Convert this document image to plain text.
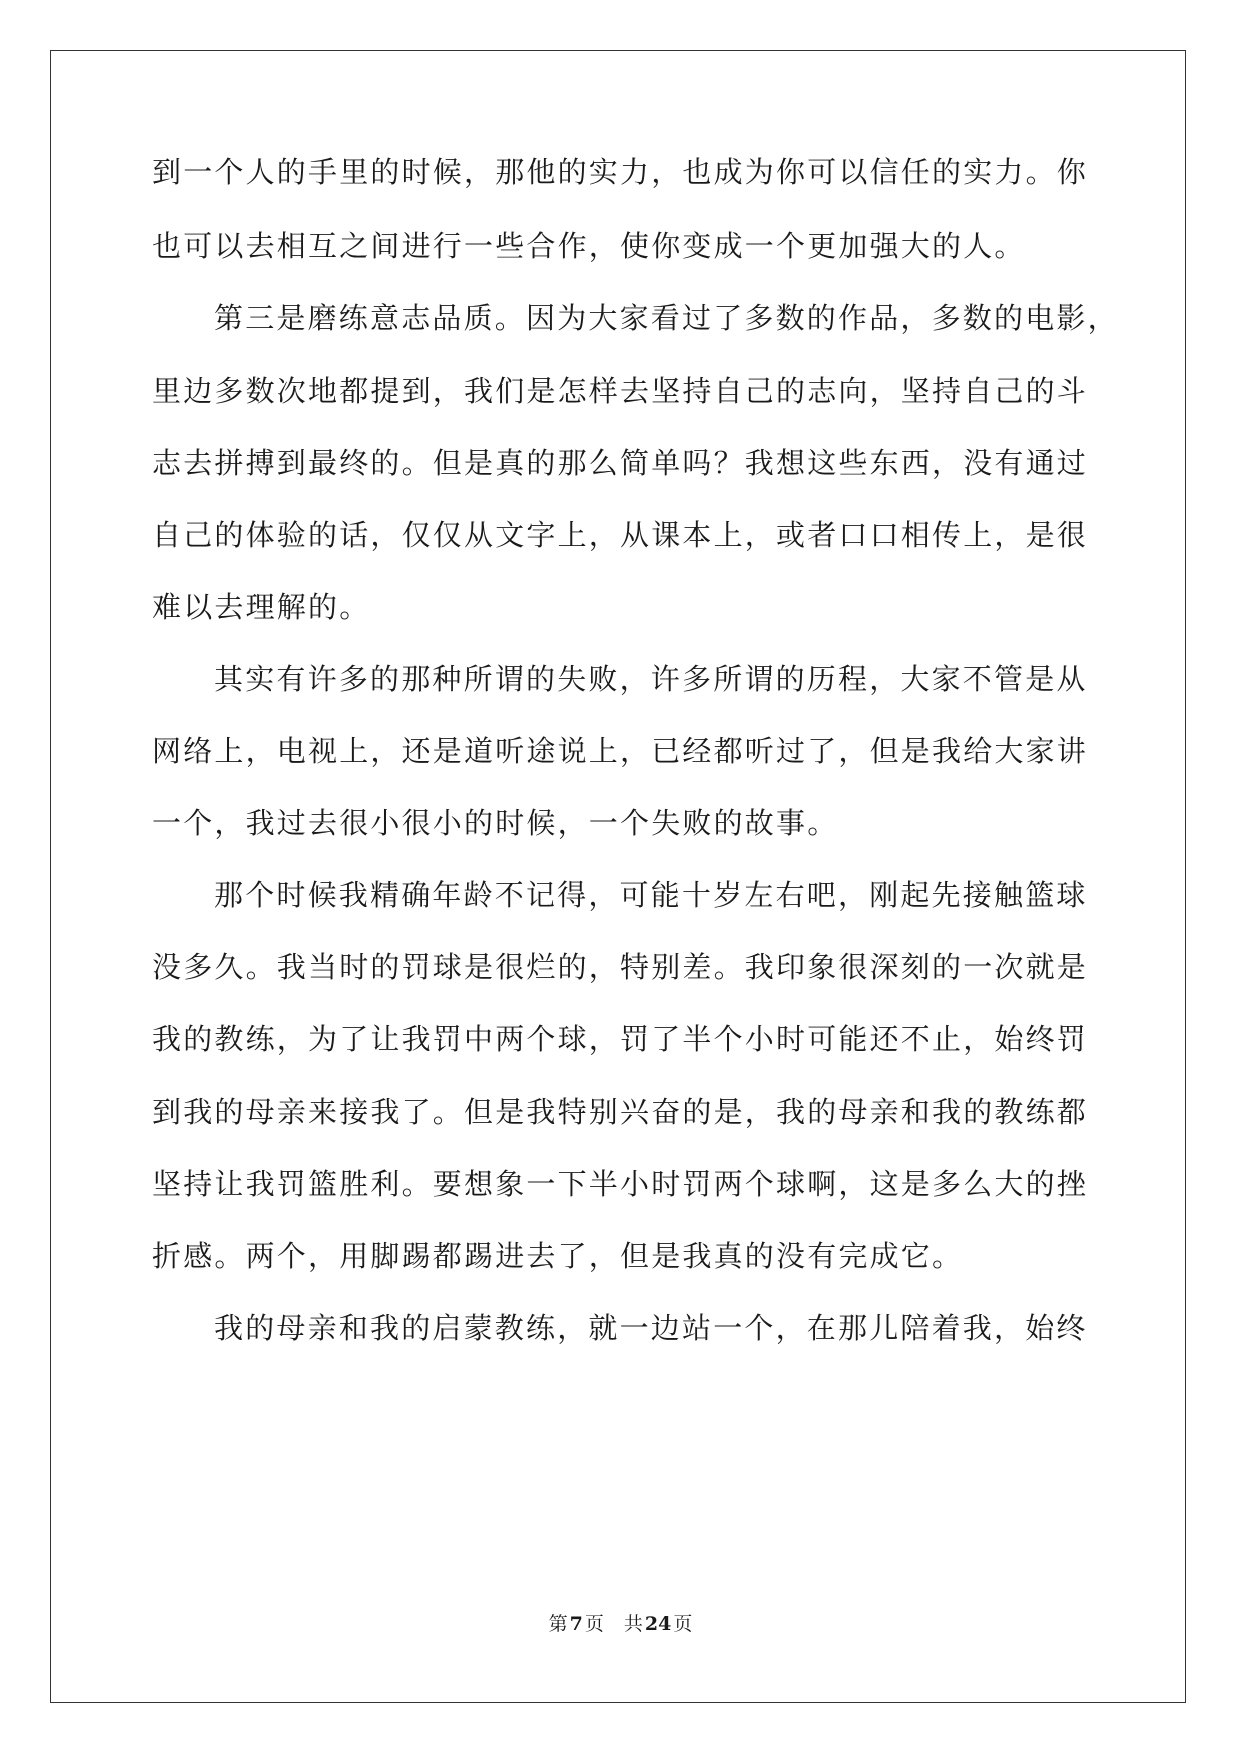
到一个人的手里的时候，那他的实力，也成为你可以信任的实力。你
也可以去相互之间进行一些合作，使你变成一个更加强大的人。
第三是磨练意志品质。因为大家看过了多数的作品，多数的电影，
里边多数次地都提到，我们是怎样去坚持自己的志向，坚持自己的斗
志去拼搏到最终的。但是真的那么简单吗？我想这些东西，没有通过
自己的体验的话，仅仅从文字上，从课本上，或者口口相传上，是很
难以去理解的。
其实有许多的那种所谓的失败，许多所谓的历程，大家不管是从
网络上，电视上，还是道听途说上，已经都听过了，但是我给大家讲
一个，我过去很小很小的时候，一个失败的故事。
那个时候我精确年龄不记得，可能十岁左右吧，刚起先接触篮球
没多久。我当时的罚球是很烂的，特别差。我印象很深刻的一次就是
我的教练，为了让我罚中两个球，罚了半个小时可能还不止，始终罚
到我的母亲来接我了。但是我特别兴奋的是，我的母亲和我的教练都
坚持让我罚篮胜利。要想象一下半小时罚两个球啊，这是多么大的挫
折感。两个，用脚踢都踢进去了，但是我真的没有完成它。
我的母亲和我的启蒙教练，就一边站一个，在那儿陪着我，始终
第 7 页 共 24 页
